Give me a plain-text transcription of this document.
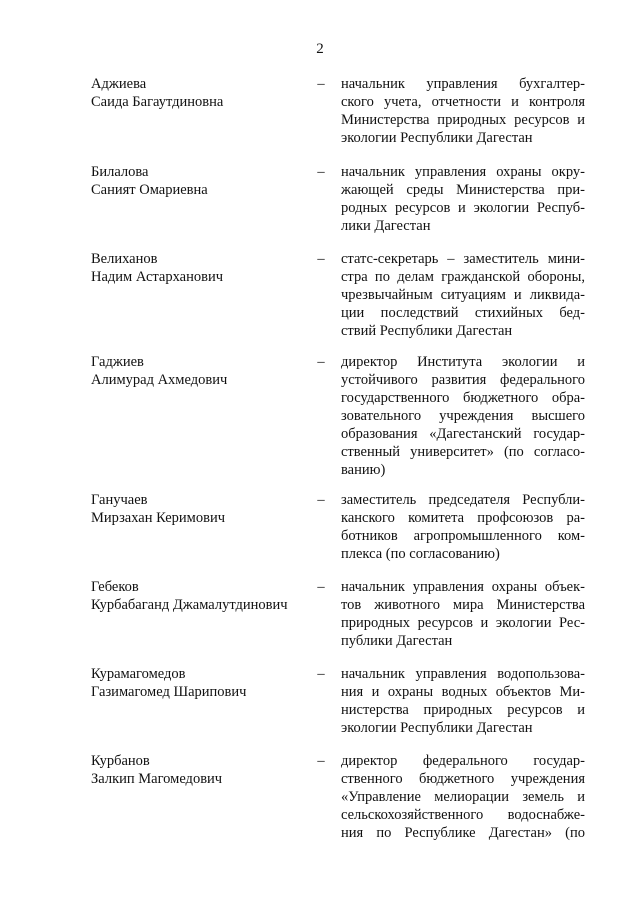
2
Аджиева
Саида Багаутдиновна
–	начальник управления бухгалтер-
ского учета, отчетности и контроля
Министерства природных ресурсов и
экологии Республики Дагестан
Билалова
Саният Омариевна
–	начальник управления охраны окру-
жающей среды Министерства при-
родных ресурсов и экологии Респуб-
лики Дагестан
Велиханов
Надим Астарханович
–	статс-секретарь – заместитель мини-
стра по делам гражданской обороны,
чрезвычайным ситуациям и ликвида-
ции последствий стихийных бед-
ствий Республики Дагестан
Гаджиев
Алимурад Ахмедович
–	директор Института экологии и
устойчивого развития федерального
государственного бюджетного обра-
зовательного учреждения высшего
образования «Дагестанский государ-
ственный университет» (по согласо-
ванию)
Ганучаев
Мирзахан Керимович
–	заместитель председателя Республи-
канского комитета профсоюзов ра-
ботников агропромышленного ком-
плекса (по согласованию)
Гебеков
Курбабаганд Джамалутдинович
–	начальник управления охраны объек-
тов животного мира Министерства
природных ресурсов и экологии Рес-
публики Дагестан
Курамагомедов
Газимагомед Шарипович
–	начальник управления водопользова-
ния и охраны водных объектов Ми-
нистерства природных ресурсов и
экологии Республики Дагестан
Курбанов
Залкип Магомедович
–	директор федерального государ-
ственного бюджетного учреждения
«Управление мелиорации земель и
сельскохозяйственного водоснабже-
ния по Республике Дагестан» (по
